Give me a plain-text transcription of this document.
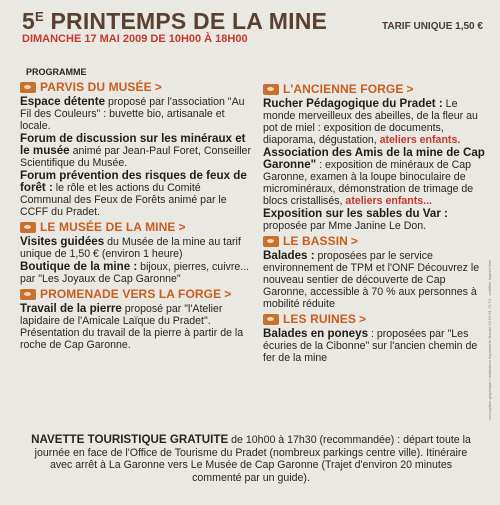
$5^E$ PRINTEMPS DE LA MINE
DIMANCHE 17 MAI 2009 DE 10H00 À 18H00
TARIF UNIQUE 1,50 €
PROGRAMME
PARVIS DU MUSÉE >
Espace détente proposé par l'association "Au Fil des Couleurs" : buvette bio, artisanale et locale.
Forum de discussion sur les minéraux et le musée animé par Jean-Paul Foret, Conseiller Scientifique du Musée.
Forum prévention des risques de feux de forêt : le rôle et les actions du Comité Communal des Feux de Forêts animé par le CCFF du Pradet.
LE MUSÉE DE LA MINE >
Visites guidées du Musée de la mine au tarif unique de 1,50 € (environ 1 heure)
Boutique de la mine : bijoux, pierres, cuivre... par "Les Joyaux de Cap Garonne"
PROMENADE VERS LA FORGE >
Travail de la pierre proposé par "l'Atelier lapidaire de l'Amicale Laïque du Pradet". Présentation du travail de la pierre à partir de la roche de Cap Garonne.
L'ANCIENNE FORGE >
Rucher Pédagogique du Pradet : Le monde merveilleux des abeilles, de la fleur au pot de miel : exposition de documents, diaporama, dégustation, ateliers enfants.
Association des Amis de la mine de Cap Garonne" : exposition de minéraux de Cap Garonne, examen à la loupe binoculaire de microminéraux, démonstration de trimage de blocs cristallisés, ateliers enfants...
Exposition sur les sables du Var : proposée par Mme Janine Le Don.
LE BASSIN >
Balades : proposées par le service environnement de TPM et l'ONF Découvrez le nouveau sentier de découverte de Cap Garonne, accessible à 70 % aux personnes à mobilité réduite
LES RUINES >
Balades en poneys : proposées par "Les écuries de la Cibonne" sur l'ancien chemin de fer de la mine
NAVETTE TOURISTIQUE GRATUITE de 10h00 à 17h30 (recommandée) : départ toute la journée en face de l'Office de Tourisme du Pradet (nombreux parkings centre ville). Itinéraire avec arrêt à La Garonne vers Le Musée de Cap Garonne (Trajet d'environ 20 minutes commenté par un guide).
conception graphique / réalisation Imprimerie Maurel 04 94 91 74 74 · certifiée Imprim'Vert
